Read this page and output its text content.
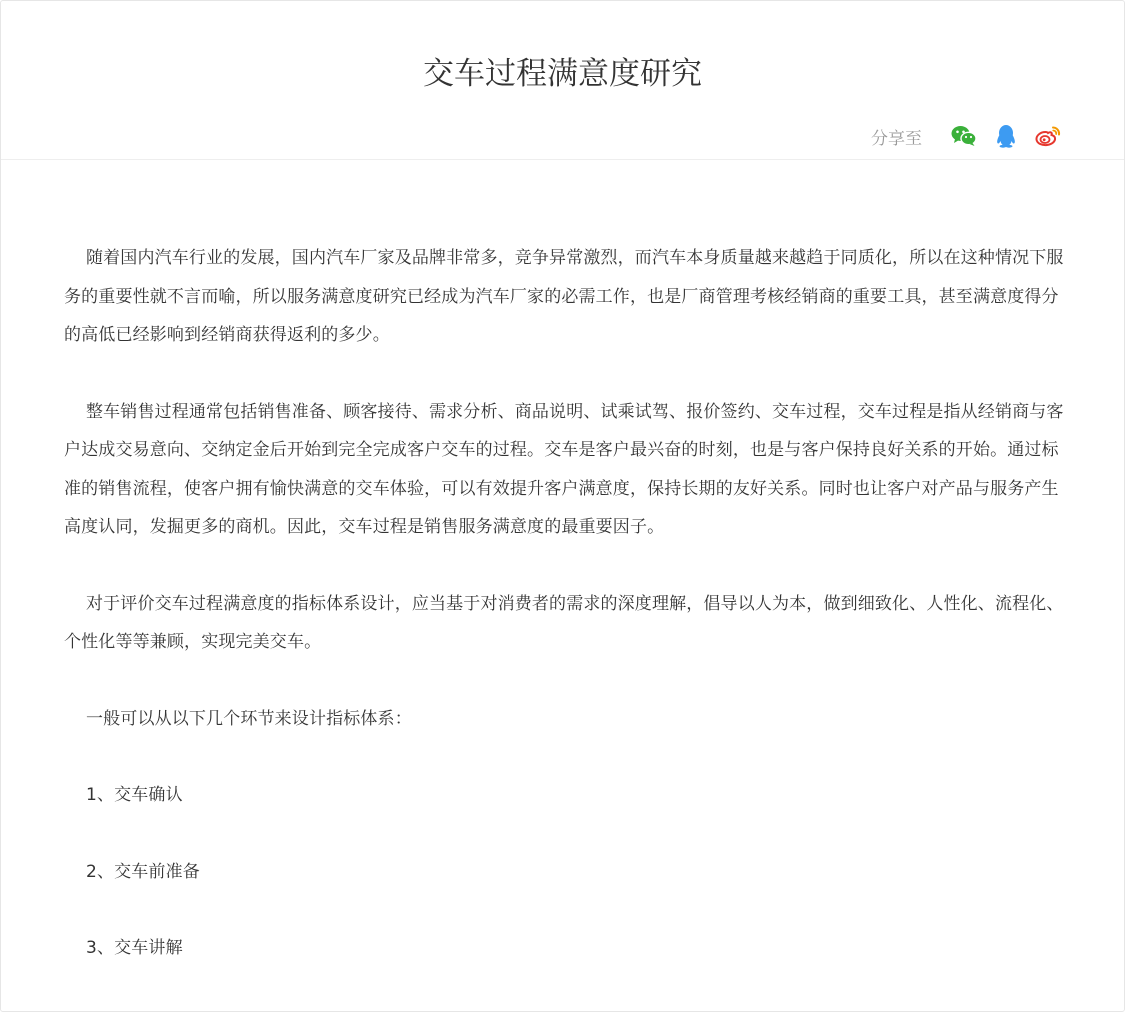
交车过程满意度研究
分享至

随着国内汽车行业的发展，国内汽车厂家及品牌非常多，竞争异常激烈，而汽车本身质量越来越趋于同质化，所以在这种情况下服务的重要性就不言而喻，所以服务满意度研究已经成为汽车厂家的必需工作，也是厂商管理考核经销商的重要工具，甚至满意度得分的高低已经影响到经销商获得返利的多少。

整车销售过程通常包括销售准备、顾客接待、需求分析、商品说明、试乘试驾、报价签约、交车过程，交车过程是指从经销商与客户达成交易意向、交纳定金后开始到完全完成客户交车的过程。交车是客户最兴奋的时刻，也是与客户保持良好关系的开始。通过标准的销售流程，使客户拥有愉快满意的交车体验，可以有效提升客户满意度，保持长期的友好关系。同时也让客户对产品与服务产生高度认同，发掘更多的商机。因此，交车过程是销售服务满意度的最重要因子。

对于评价交车过程满意度的指标体系设计，应当基于对消费者的需求的深度理解，倡导以人为本，做到细致化、人性化、流程化、个性化等等兼顾，实现完美交车。

一般可以从以下几个环节来设计指标体系：

1、交车确认

2、交车前准备

3、交车讲解
